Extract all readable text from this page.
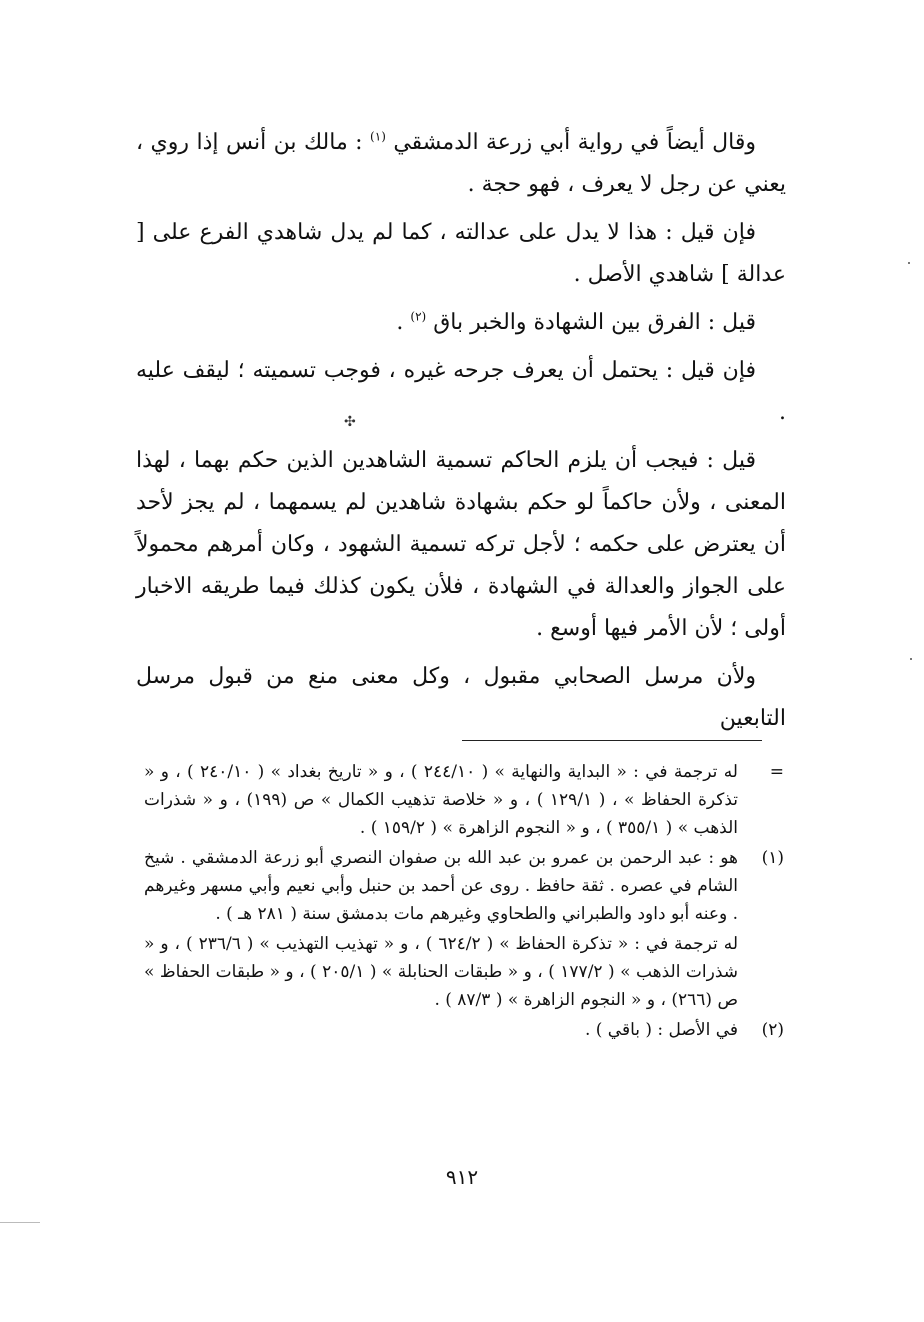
وقال أيضاً في رواية أبي زرعة الدمشقي $^{(١)}$ : مالك بن أنس إذا روي ، يعني عن رجل لا يعرف ، فهو حجة .

فإن قيل : هذا لا يدل على عدالته ، كما لم يدل شاهدي الفرع على [ عدالة ] شاهدي الأصل .

قيل : الفرق بين الشهادة والخبر باق $^{(٢)}$ .

فإن قيل : يحتمل أن يعرف جرحه غيره ، فوجب تسميته ؛ ليقف عليه .

قيل : فيجب أن يلزم الحاكم تسمية الشاهدين الذين حكم بهما ، لهذا المعنى ، ولأن حاكماً لو حكم بشهادة شاهدين لم يسمهما ، لم يجز لأحد أن يعترض على حكمه ؛ لأجل تركه تسمية الشهود ، وكان أمرهم محمولاً على الجواز والعدالة في الشهادة ، فلأن يكون كذلك فيما طريقه الاخبار أولى ؛ لأن الأمر فيها أوسع .

ولأن مرسل الصحابي مقبول ، وكل معنى منع من قبول مرسل التابعين

✣
=
له ترجمة في : « البداية والنهاية » ( ٢٤٤/١٠ ) ، و « تاريخ بغداد » ( ٢٤٠/١٠ ) ، و « تذكرة الحفاظ » ، ( ١٢٩/١ ) ، و « خلاصة تذهيب الكمال » ص (١٩٩) ، و « شذرات الذهب » ( ٣٥٥/١ ) ، و « النجوم الزاهرة » ( ١٥٩/٢ ) .
(١)
هو : عبد الرحمن بن عمرو بن عبد الله بن صفوان النصري أبو زرعة الدمشقي . شيخ الشام في عصره . ثقة حافظ . روى عن أحمد بن حنبل وأبي نعيم وأبي مسهر وغيرهم . وعنه أبو داود والطبراني والطحاوي وغيرهم مات بدمشق سنة ( ٢٨١ هـ ) .
له ترجمة في : « تذكرة الحفاظ » ( ٦٢٤/٢ ) ، و « تهذيب التهذيب » ( ٢٣٦/٦ ) ، و « شذرات الذهب » ( ١٧٧/٢ ) ، و « طبقات الحنابلة » ( ٢٠٥/١ ) ، و « طبقات الحفاظ » ص (٢٦٦) ، و « النجوم الزاهرة » ( ٨٧/٣ ) .
(٢)
في الأصل : ( باقي ) .
٩١٢
